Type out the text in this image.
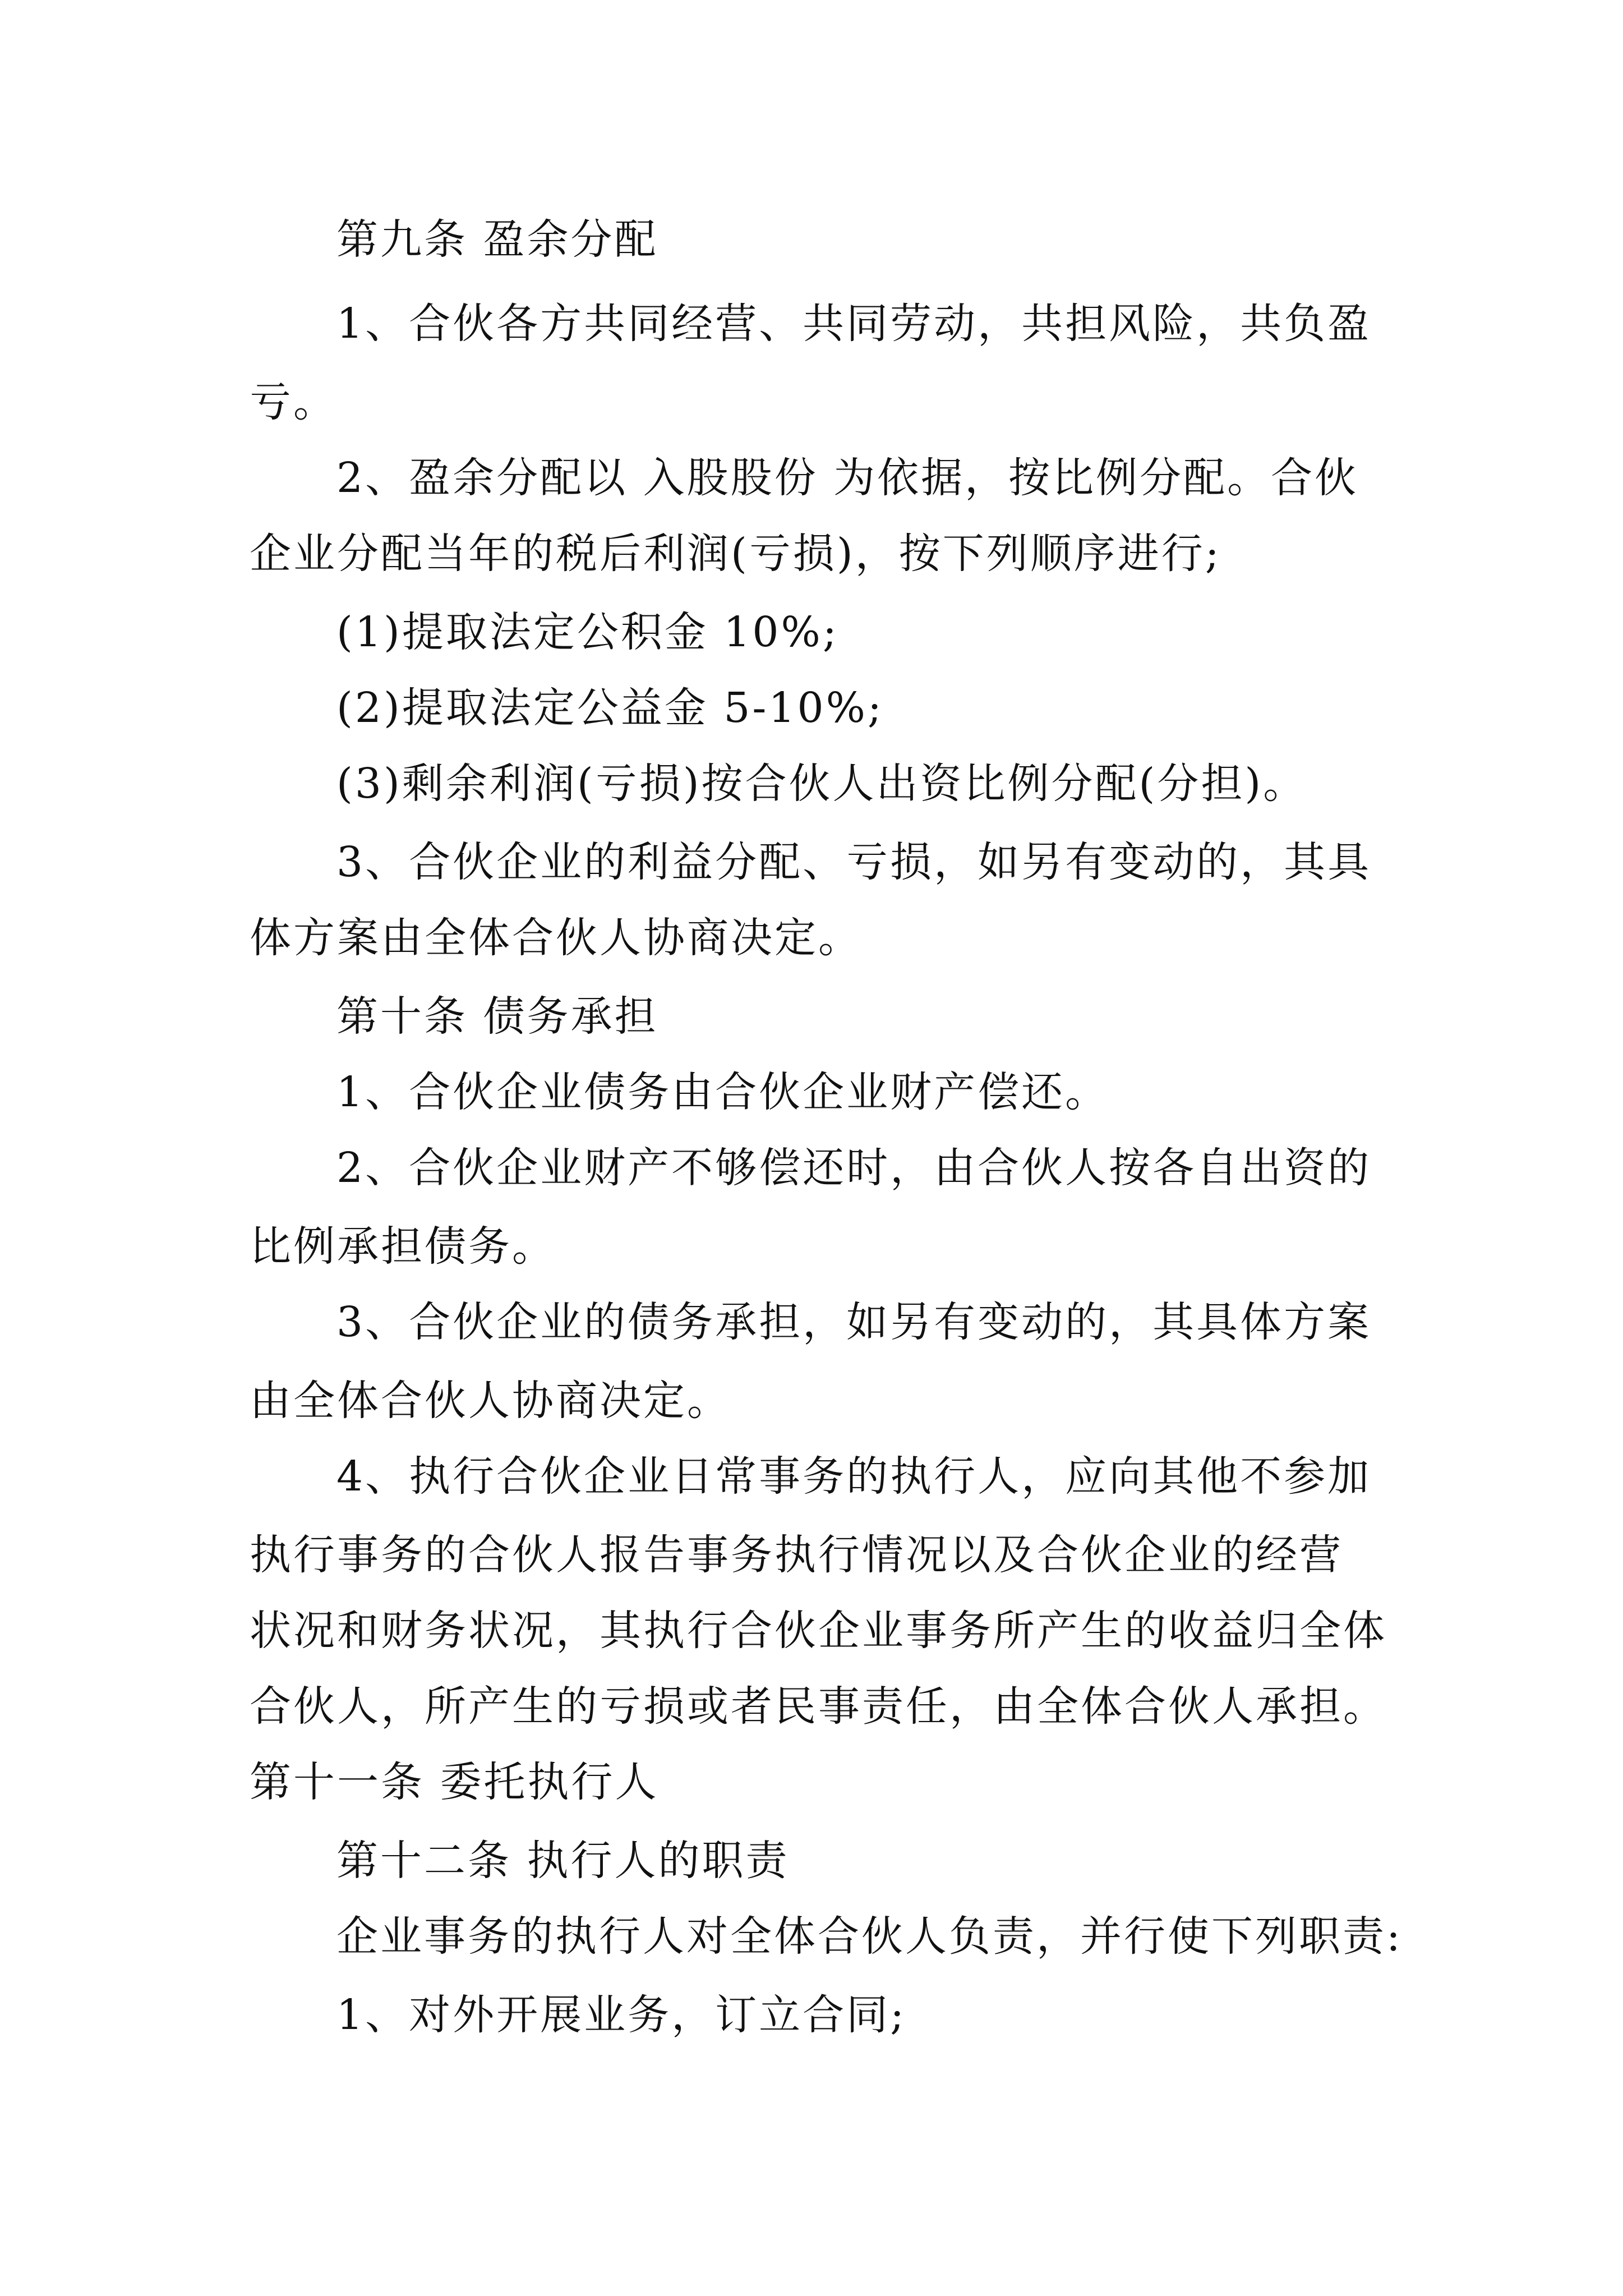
第九条 盈余分配
1、合伙各方共同经营、共同劳动，共担风险，共负盈
亏。
2、盈余分配以 入股股份 为依据，按比例分配。合伙
企业分配当年的税后利润(亏损)，按下列顺序进行;
(1)提取法定公积金 10%;
(2)提取法定公益金 5-10%;
(3)剩余利润(亏损)按合伙人出资比例分配(分担)。
3、合伙企业的利益分配、亏损，如另有变动的，其具
体方案由全体合伙人协商决定。
第十条 债务承担
1、合伙企业债务由合伙企业财产偿还。
2、合伙企业财产不够偿还时，由合伙人按各自出资的
比例承担债务。
3、合伙企业的债务承担，如另有变动的，其具体方案
由全体合伙人协商决定。
4、执行合伙企业日常事务的执行人，应向其他不参加
执行事务的合伙人报告事务执行情况以及合伙企业的经营
状况和财务状况，其执行合伙企业事务所产生的收益归全体
合伙人，所产生的亏损或者民事责任，由全体合伙人承担。
第十一条 委托执行人
第十二条 执行人的职责
企业事务的执行人对全体合伙人负责，并行使下列职责:
1、对外开展业务，订立合同;
